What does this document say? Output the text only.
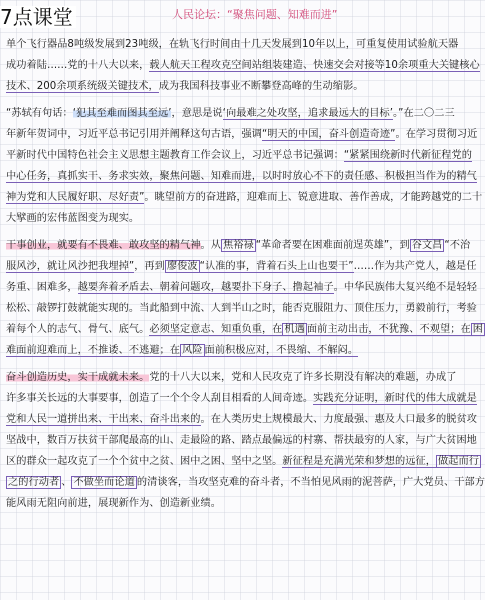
7点课堂	人民论坛：“聚焦问题、知难而进”
单个飞行器品8吨级发展到23吨级，在轨飞行时间由十几天发展到10年以上，可重复使用试验航天器
成功着陆……党的十八大以来，载人航天工程攻克空间站组装建造、快速交会对接等10余项重大关键核心
技术、200余项系统级关键技术，成为我国科技事业不断攀登高峰的生动缩影。
“苏轼有句话：‘犯其至难而图其至远’，意思是说‘向最难之处攻坚，追求最远大的目标’。”在二〇二三
年新年贺词中，习近平总书记引用并阐释这句古语，强调“明天的中国，奋斗创造奇迹”。在学习贯彻习近
平新时代中国特色社会主义思想主题教育工作会议上，习近平总书记强调：“紧紧围绕新时代新征程党的
中心任务，真抓实干、务求实效，聚焦问题、知难而进，以时时放心不下的责任感、积极担当作为的精气
神为党和人民履好职、尽好责”。眺望前方的奋进路，迎难而上、锐意进取、善作善成，才能跨越党的二十
大擘画的宏伟蓝图变为现实。
干事创业，就要有不畏难、敢攻坚的精气神。从 焦裕禄 “革命者要在困难面前逞英雄”，到 谷文昌 “不治
服风沙，就让风沙把我埋掉”，再到 廖俊波 “认准的事，背着石头上山也要干”……作为共产党人，越是任
务重、困难多，越要奔着矛盾去、朝着问题攻，越要扑下身子、撸起袖子。中华民族伟大复兴绝不是轻轻
松松、敲锣打鼓就能实现的。当此船到中流、人到半山之时，能否克服阻力、顶住压力，勇毅前行，考验
着每个人的志气、骨气、底气。必须坚定意志、知重负重，在 机遇 面前主动出击，不犹豫、不观望；在 困
难面前迎难而上，不推诿、不逃避；在 风险 面前积极应对，不畏缩、不解闷。
奋斗创造历史，实干成就未来。党的十八大以来，党和人民攻克了许多长期没有解决的难题，办成了
许多事关长远的大事要事，创造了一个个令人刮目相看的人间奇迹。实践充分证明，新时代的伟大成就是
党和人民一道拼出来、干出来、奋斗出来的。在人类历史上规模最大、力度最强、惠及人口最多的脱贫攻
坚战中，数百万扶贫干部爬最高的山、走最险的路、踏点最偏远的村寨、帮扶最穷的人家，与广大贫困地
区的群众一起攻克了一个个贫中之贫、困中之困、坚中之坚。新征程是充满光荣和梦想的远征， 做起而行
之的行动者 、 不做坐而论道 的清谈客，当攻坚克难的奋斗者，不当怕见风雨的泥菩萨，广大党员、干部方
能风雨无阻向前进，展现新作为、创造新业绩。
